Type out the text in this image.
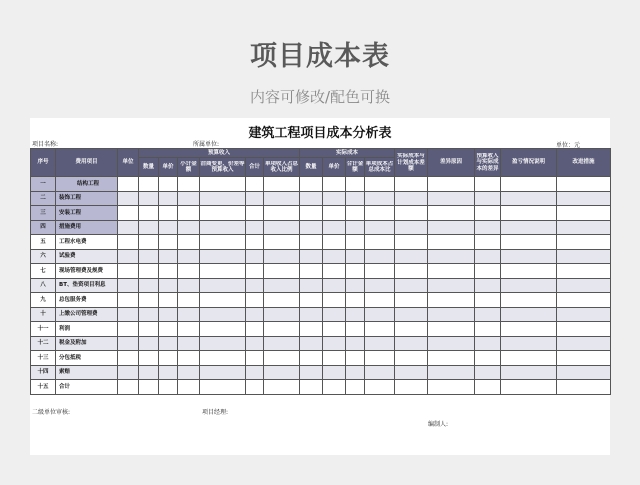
项目成本表
内容可修改/配色可换
建筑工程项目成本分析表
项目名称:	所属单位:	单位：元
序号	费用项目	单位	预算收入						实际成本				实际成本与计划成本差额	差异原因	预算收入与实际成本的差异	盈亏情况说明	改进措施
			数量	单价	小计金额	洽商变更、价差等预算收入	合计	单项收入占总收入比例	数量	单价	合计金额	单项成本占总成本比					

一	结构工程																
二	装饰工程																
三	安装工程																
四	措施费用																
五	工程水电费																
六	试验费																
七	现场管理费及规费																
八	BT、垫资项目利息																
九	总包服务费																
十	上缴公司管理费																
十一	利润																
十二	税金及附加																
十三	分包抵税																
十四	索赔																
十五	合计																
二级单位审核:	项目经理:
编制人:
